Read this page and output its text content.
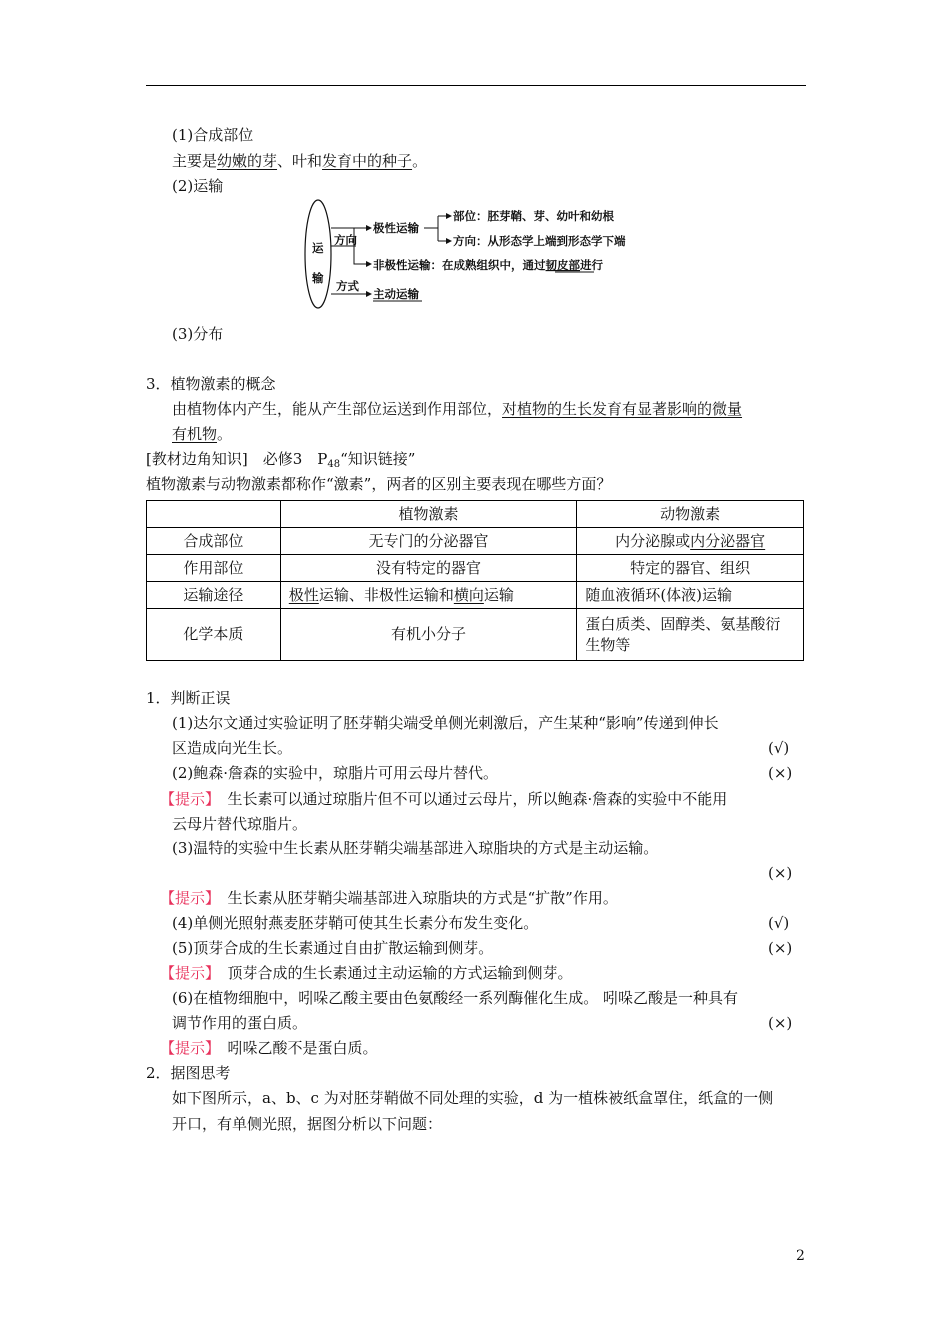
(1)合成部位
主要是幼嫩的芽、叶和发育中的种子。
(2)运输
运
输
方向
极性运输
部位：胚芽鞘、芽、幼叶和幼根
方向：从形态学上端到形态学下端
非极性运输：在成熟组织中，通过韧皮部进行
方式
主动运输
(3)分布
3．植物激素的概念
由植物体内产生，能从产生部位运送到作用部位，对植物的生长发育有显著影响的微量
有机物。
[教材边角知识]　必修3　$P_{48}“$知识链接”
植物激素与动物激素都称作“激素”，两者的区别主要表现在哪些方面？
	植物激素	动物激素
合成部位	无专门的分泌器官	内分泌腺或内分泌器官
作用部位	没有特定的器官	特定的器官、组织
运输途径	极性运输、非极性运输和横向运输	随血液循环(体液)运输
化学本质	有机小分子	蛋白质类、固醇类、氨基酸衍
生物等
1．判断正误
(1)达尔文通过实验证明了胚芽鞘尖端受单侧光刺激后，产生某种“影响”传递到伸长
区造成向光生长。	(√)
(2)鲍森·詹森的实验中，琼脂片可用云母片替代。	(×)
【提示】　生长素可以通过琼脂片但不可以通过云母片，所以鲍森·詹森的实验中不能用
云母片替代琼脂片。
(3)温特的实验中生长素从胚芽鞘尖端基部进入琼脂块的方式是主动运输。
(×)
【提示】　生长素从胚芽鞘尖端基部进入琼脂块的方式是“扩散”作用。
(4)单侧光照射燕麦胚芽鞘可使其生长素分布发生变化。	(√)
(5)顶芽合成的生长素通过自由扩散运输到侧芽。	(×)
【提示】　顶芽合成的生长素通过主动运输的方式运输到侧芽。
(6)在植物细胞中，吲哚乙酸主要由色氨酸经一系列酶催化生成。 吲哚乙酸是一种具有
调节作用的蛋白质。	(×)
【提示】　吲哚乙酸不是蛋白质。
2．据图思考
如下图所示，a、b、c 为对胚芽鞘做不同处理的实验，d 为一植株被纸盒罩住，纸盒的一侧
开口，有单侧光照，据图分析以下问题：
2
